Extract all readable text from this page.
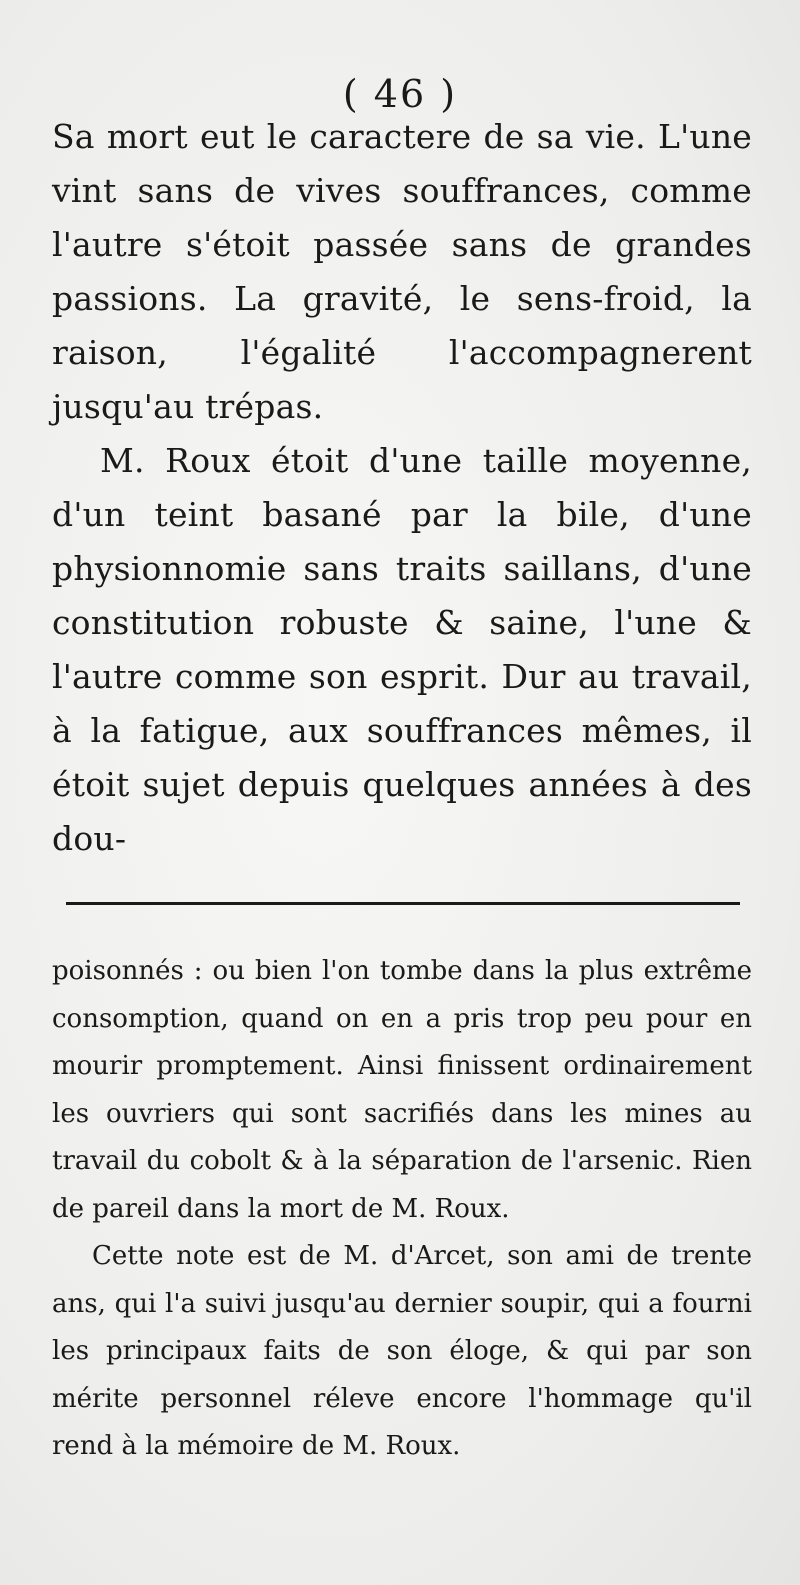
( 46 )

Sa mort eut le caractere de sa vie. L'une vint sans de vives souffrances, comme l'autre s'étoit passée sans de grandes passions. La gravité, le sens-froid, la raison, l'égalité l'accompagnerent jusqu'au trépas.

M. Roux étoit d'une taille moyenne, d'un teint basané par la bile, d'une physionnomie sans traits saillans, d'une constitution robuste & saine, l'une & l'autre comme son esprit. Dur au travail, à la fatigue, aux souffrances mêmes, il étoit sujet depuis quelques années à des dou-

poisonnés : ou bien l'on tombe dans la plus extrême consomption, quand on en a pris trop peu pour en mourir promptement. Ainsi finissent ordinairement les ouvriers qui sont sacrifiés dans les mines au travail du cobolt & à la séparation de l'arsenic. Rien de pareil dans la mort de M. Roux.

Cette note est de M. d'Arcet, son ami de trente ans, qui l'a suivi jusqu'au dernier soupir, qui a fourni les principaux faits de son éloge, & qui par son mérite personnel réleve encore l'hommage qu'il rend à la mémoire de M. Roux.
